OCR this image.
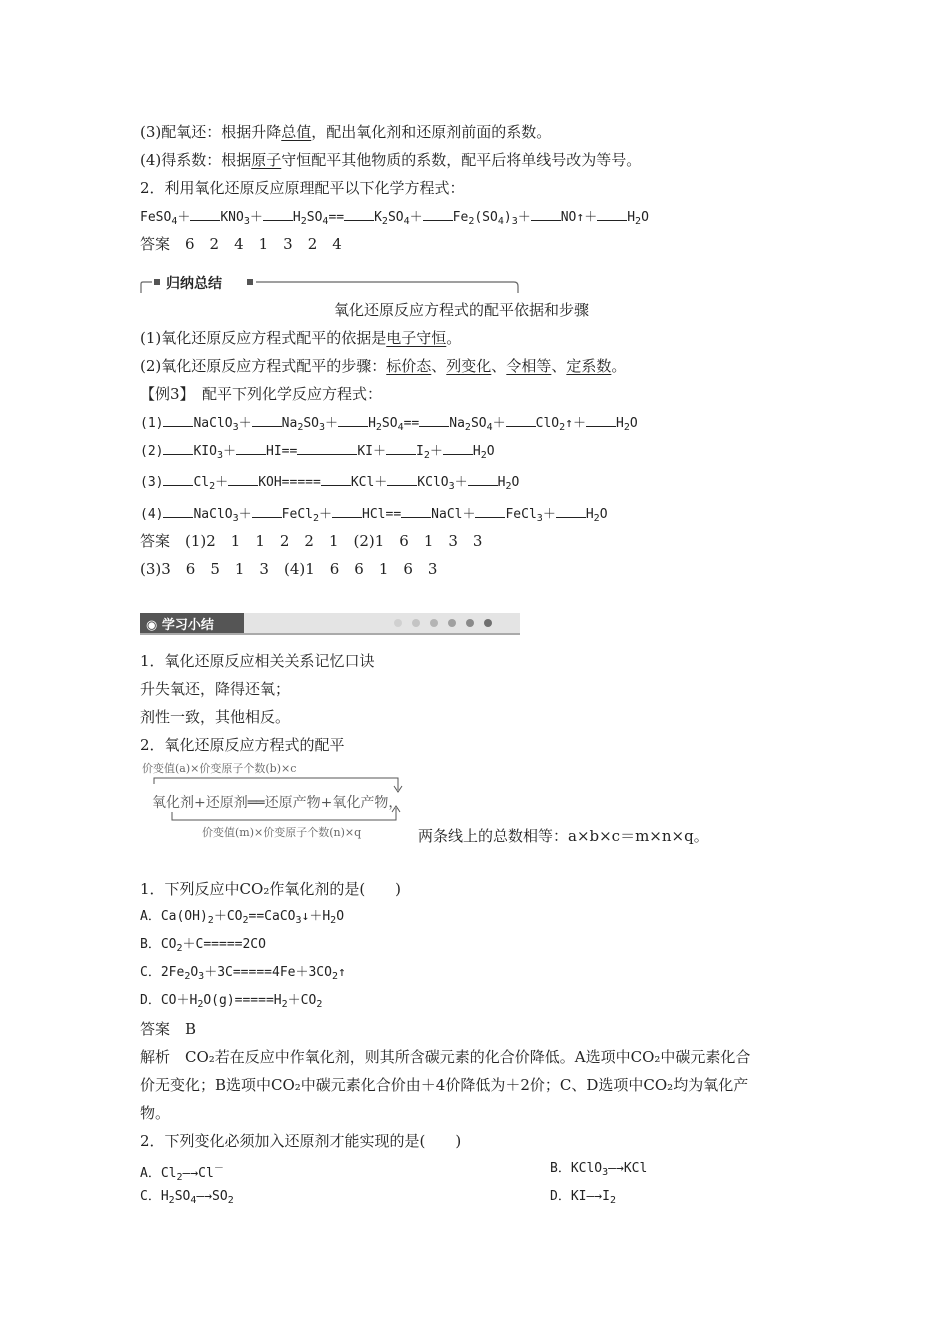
(3)配氧还：根据升降总值，配出氧化剂和还原剂前面的系数。
(4)得系数：根据原子守恒配平其他物质的系数，配平后将单线号改为等号。
2．利用氧化还原反应原理配平以下化学方程式：
FeSO$_4$＋ $KNO_3+ H_2SO_4== K_2SO_4+ Fe_2(SO_4)_3+$ NO↑＋ $H_2O$
答案　6　2　4　1　3　2　4
归纳总结
氧化还原反应方程式的配平依据和步骤
(1)氧化还原反应方程式配平的依据是电子守恒。
(2)氧化还原反应方程式配平的步骤：标价态、列变化、令相等、定系数。
【例3】　配平下列化学反应方程式：
(1) NaClO$_3$＋ $Na_2SO_3+ H_2SO_4== Na_2SO_4+$ ClO$_2$↑＋ $H_2O$
(2) $KIO_3+ HI==$	$KI+ I_2+ H_2O$
(3) $Cl_2+ KOH===== KCl+$ KClO$_3$＋ $H_2O$
(4) NaClO$_3$＋ FeCl$_2$＋ HCl== NaCl＋ FeCl$_3$＋ $H_2O$
答案　(1)2　1　1　2　2　1　(2)1　6　1　3　3
(3)3　6　5　1　3　(4)1　6　6　1　6　3
◉ 学习小结
1．氧化还原反应相关关系记忆口诀
升失氧还，降得还氧；
剂性一致，其他相反。
2．氧化还原反应方程式的配平
价变值(a)×价变原子个数(b)×c
氧化剂+还原剂══还原产物+氧化产物，
价变值(m)×价变原子个数(n)×q	两条线上的总数相等：a×b×c＝m×n×q。
1．下列反应中CO₂作氧化剂的是(　　)
A．$Ca(OH)_2+CO_2==CaCO_3↓+H_2O$
B．$CO_2+C=====2CO$
C．$2Fe_2O_3+3C=====4Fe+3CO_2↑$
D．$CO+H_2O(g)=====H_2+CO_2$
答案　B
解析　CO₂若在反应中作氧化剂，则其所含碳元素的化合价降低。A选项中CO₂中碳元素化合
价无变化；B选项中CO₂中碳元素化合价由＋4价降低为＋2价；C、D选项中CO₂均为氧化产
物。
2．下列变化必须加入还原剂才能实现的是(　　)
A．$Cl_2―\to Cl^-$	B．KClO$_3$―→KCl
C．$H_2SO_4―\to SO_2$	D．$KI―\to I_2$
